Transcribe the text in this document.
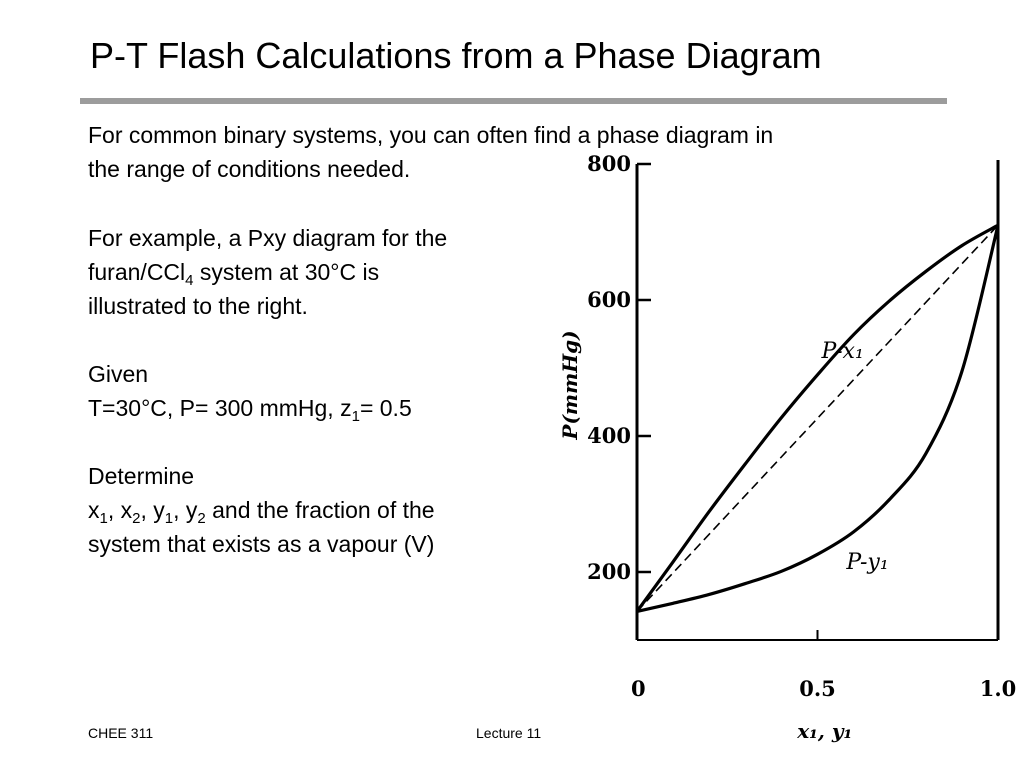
P-T Flash Calculations from a Phase Diagram
For common binary systems, you can often find a phase diagram in
the range of conditions needed.
For example, a Pxy diagram for the
furan/CCl$_4$ system at 30°C is
illustrated to the right.
Given
T=30°C, P= 300 mmHg, $z_1= 0.5$
Determine
$x_1$, $x_2$, $y_1$, $y_2$ and the fraction of the
system that exists as a vapour (V)
CHEE 311	Lecture 11
200
400
600
800
0	0.5	1.0
P-x₁
P-y₁
x₁, y₁
P(mmHg)
